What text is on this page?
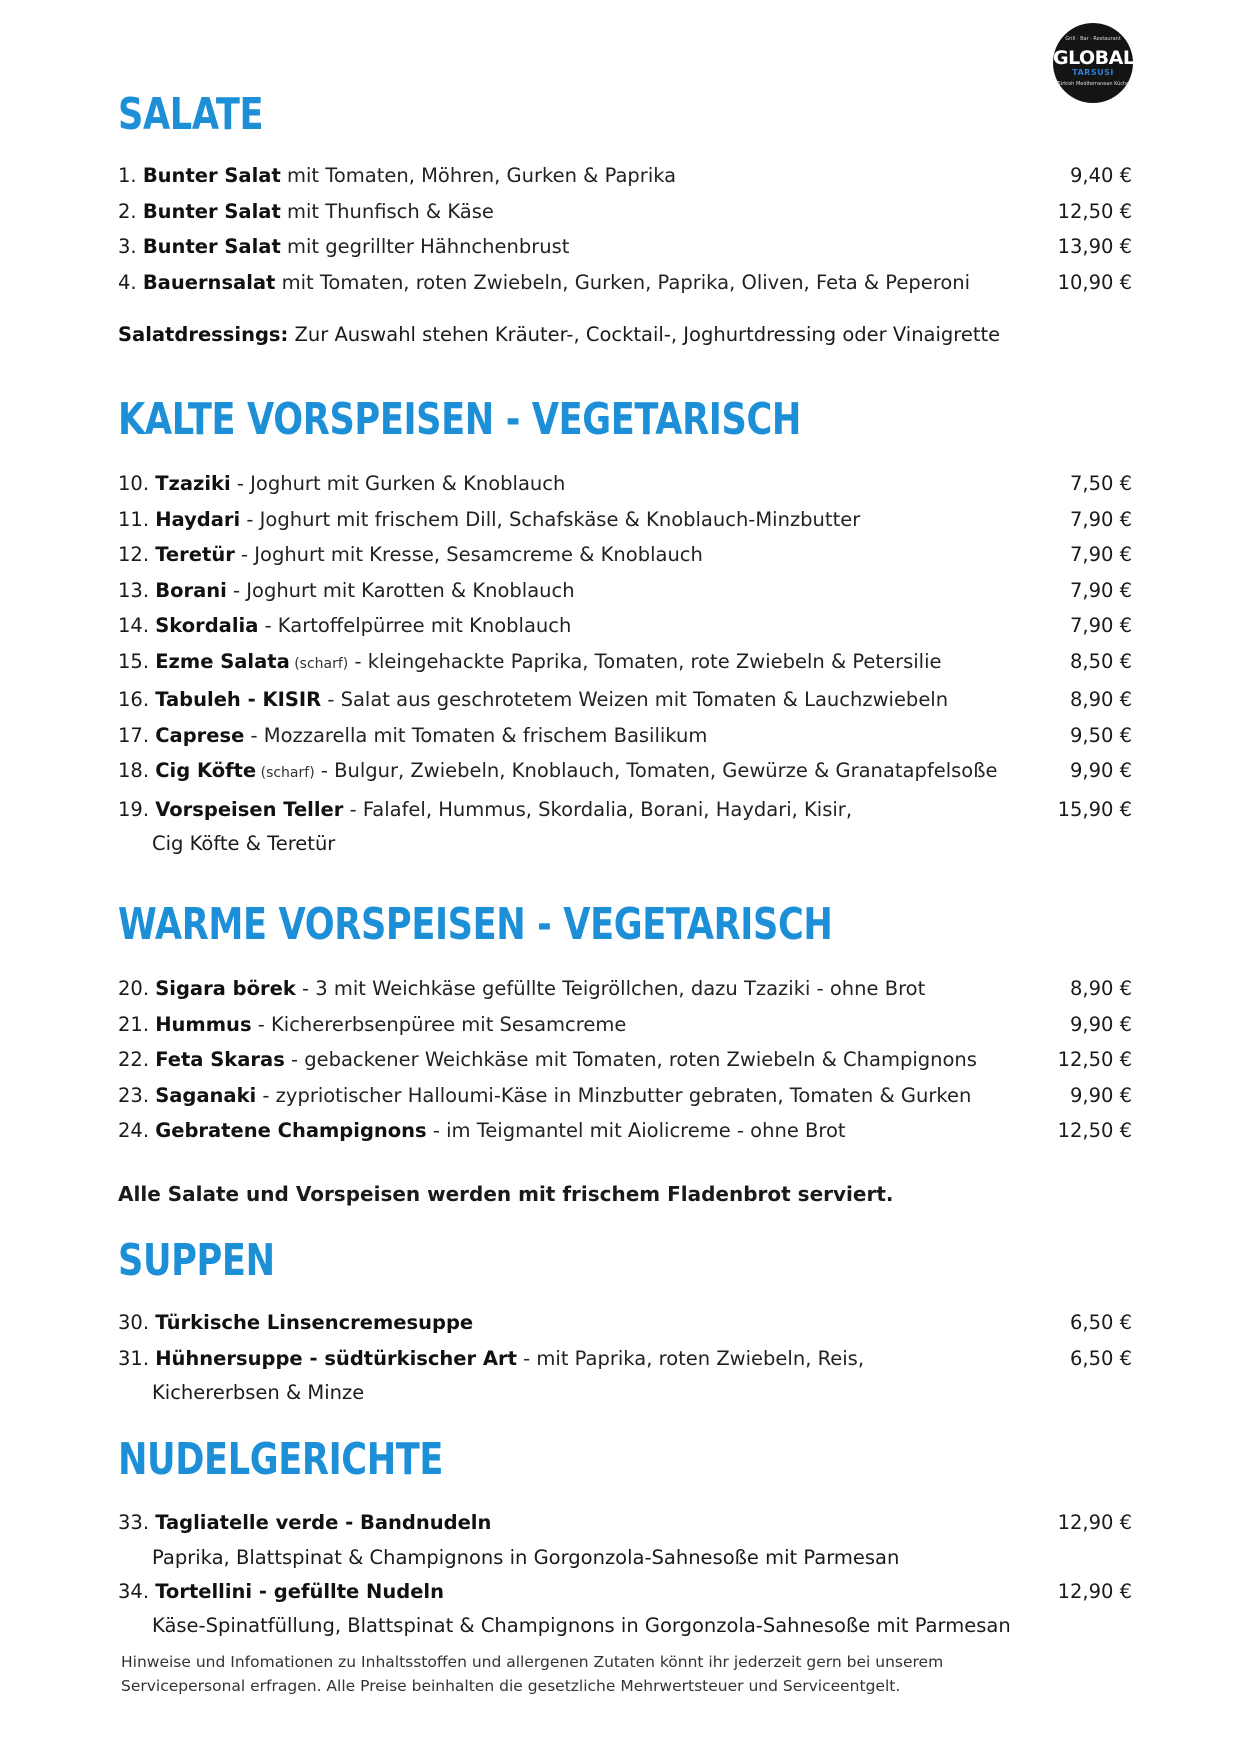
Grill · Bar · Restaurant
GLOBAL
TARSUSI
Türkish Mediterranean Küche
SALATE
1. Bunter Salat mit Tomaten, Möhren, Gurken & Paprika	9,40 €
2. Bunter Salat mit Thunfisch & Käse	12,50 €
3. Bunter Salat mit gegrillter Hähnchenbrust	13,90 €
4. Bauernsalat mit Tomaten, roten Zwiebeln, Gurken, Paprika, Oliven, Feta & Peperoni	10,90 €

Salatdressings: Zur Auswahl stehen Kräuter-, Cocktail-, Joghurtdressing oder Vinaigrette

KALTE VORSPEISEN - VEGETARISCH
10. Tzaziki - Joghurt mit Gurken & Knoblauch	7,50 €
11. Haydari - Joghurt mit frischem Dill, Schafskäse & Knoblauch-Minzbutter	7,90 €
12. Teretür - Joghurt mit Kresse, Sesamcreme & Knoblauch	7,90 €
13. Borani - Joghurt mit Karotten & Knoblauch	7,90 €
14. Skordalia - Kartoffelpürree mit Knoblauch	7,90 €
15. Ezme Salata (scharf) - kleingehackte Paprika, Tomaten, rote Zwiebeln & Petersilie	8,50 €
16. Tabuleh - KISIR - Salat aus geschrotetem Weizen mit Tomaten & Lauchzwiebeln	8,90 €
17. Caprese - Mozzarella mit Tomaten & frischem Basilikum	9,50 €
18. Cig Köfte (scharf) - Bulgur, Zwiebeln, Knoblauch, Tomaten, Gewürze & Granatapfelsoße	9,90 €
19. Vorspeisen Teller - Falafel, Hummus, Skordalia, Borani, Haydari, Kisir,	15,90 €
Cig Köfte & Teretür
WARME VORSPEISEN - VEGETARISCH
20. Sigara börek - 3 mit Weichkäse gefüllte Teigröllchen, dazu Tzaziki - ohne Brot	8,90 €
21. Hummus - Kichererbsenpüree mit Sesamcreme	9,90 €
22. Feta Skaras - gebackener Weichkäse mit Tomaten, roten Zwiebeln & Champignons	12,50 €
23. Saganaki - zypriotischer Halloumi-Käse in Minzbutter gebraten, Tomaten & Gurken	9,90 €
24. Gebratene Champignons - im Teigmantel mit Aiolicreme - ohne Brot	12,50 €

Alle Salate und Vorspeisen werden mit frischem Fladenbrot serviert.

SUPPEN
30. Türkische Linsencremesuppe	6,50 €
31. Hühnersuppe - südtürkischer Art - mit Paprika, roten Zwiebeln, Reis,	6,50 €
Kichererbsen & Minze
NUDELGERICHTE
33. Tagliatelle verde - Bandnudeln	12,90 €
Paprika, Blattspinat & Champignons in Gorgonzola-Sahnesoße mit Parmesan
34. Tortellini - gefüllte Nudeln	12,90 €
Käse-Spinatfüllung, Blattspinat & Champignons in Gorgonzola-Sahnesoße mit Parmesan

Hinweise und Infomationen zu Inhaltsstoffen und allergenen Zutaten könnt ihr jederzeit gern bei unserem
Servicepersonal erfragen. Alle Preise beinhalten die gesetzliche Mehrwertsteuer und Serviceentgelt.
